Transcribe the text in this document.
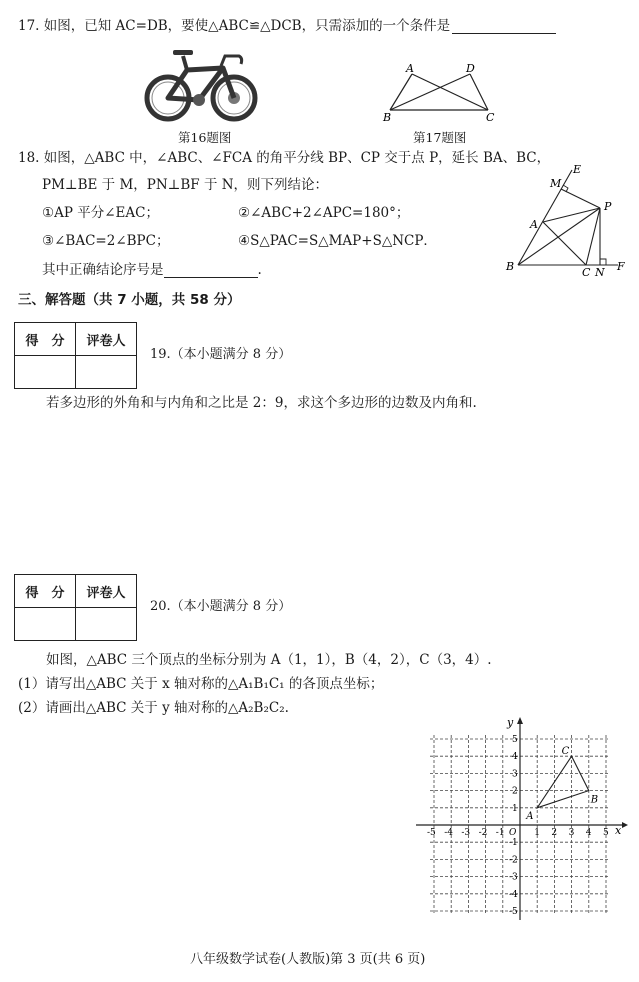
17. 如图，已知 AC=DB，要使△ABC≌△DCB，只需添加的一个条件是
第16题图
A	D
B	C
第17题图
18. 如图，△ABC 中，∠ABC、∠FCA 的角平分线 BP、CP 交于点 P，延长 BA、BC，
PM⊥BE 于 M，PN⊥BF 于 N，则下列结论：
①AP 平分∠EAC；	②∠ABC+2∠APC=180°；
③∠BAC=2∠BPC；	④S△PAC=S△MAP+S△NCP．
其中正确结论序号是	.
E
M
P
A
B	C N F
三、解答题（共 7 小题，共 58 分）
得　分	评卷人

19.（本小题满分 8 分）
若多边形的外角和与内角和之比是 2：9，求这个多边形的边数及内角和.
得　分	评卷人

20.（本小题满分 8 分）
如图，△ABC 三个顶点的坐标分别为 A（1，1），B（4，2），C（3，4）.
(1）请写出△ABC 关于 x 轴对称的△A₁B₁C₁ 的各顶点坐标；
(2）请画出△ABC 关于 y 轴对称的△A₂B₂C₂.
x
y
O
-5 -4 -3 -2 -1	1 2 3 4 5
5
4
3
2
1
-1
-2
-3
-4
-5
A
B
C
八年级数学试卷(人教版)第 3 页(共 6 页)
